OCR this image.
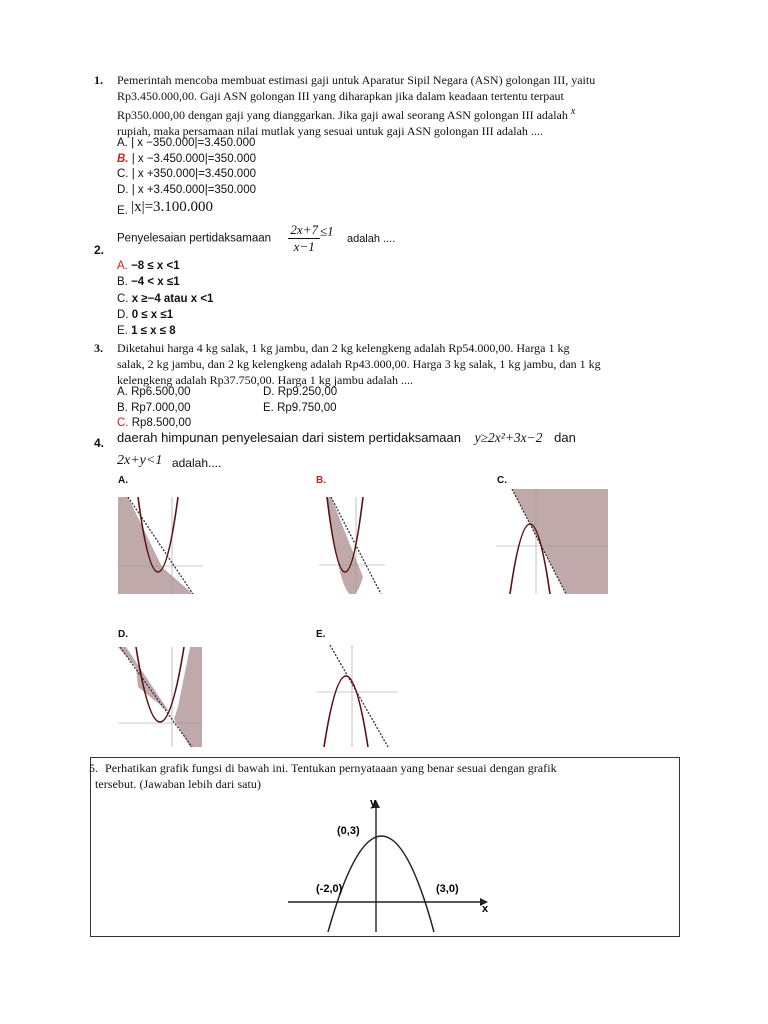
1. Pemerintah mencoba membuat estimasi gaji untuk Aparatur Sipil Negara (ASN) golongan III, yaitu
Rp3.450.000,00. Gaji ASN golongan III yang diharapkan jika dalam keadaan tertentu terpaut
Rp350.000,00 dengan gaji yang dianggarkan. Jika gaji awal seorang ASN golongan III adalah $^x$
rupiah, maka persamaan nilai mutlak yang sesuai untuk gaji ASN golongan III adalah ....
A. | x −350.000|=3.450.000
B. | x −3.450.000|=350.000
C. | x +350.000|=3.450.000
D. | x +3.450.000|=350.000
E. |x|=3.100.000
2.
Penyelesaian pertidaksamaan $\frac{2x+7}{x-1} \le 1$ adalah ....
A. −8 ≤ x <1
B. −4 < x ≤1
C. x ≥−4 atau x <1
D. 0 ≤ x ≤1
E. 1 ≤ x ≤ 8
3. Diketahui harga 4 kg salak, 1 kg jambu, dan 2 kg kelengkeng adalah Rp54.000,00. Harga 1 kg
salak, 2 kg jambu, dan 2 kg kelengkeng adalah Rp43.000,00. Harga 3 kg salak, 1 kg jambu, dan 1 kg
kelengkeng adalah Rp37.750,00. Harga 1 kg jambu adalah ....
A. Rp6.500,00
B. Rp7.000,00
C. Rp8.500,00
D. Rp9.250,00
E. Rp9.750,00
4. daerah himpunan penyelesaian dari sistem pertidaksamaan y≥2x²+3x−2 dan
2x+y<1 adalah....
A.	B.	C.
D.	E.
5. Perhatikan grafik fungsi di bawah ini. Tentukan pernyataaan yang benar sesuai dengan grafik
tersebut. (Jawaban lebih dari satu)
y
x
(0,3)
(-2,0)	(3,0)
